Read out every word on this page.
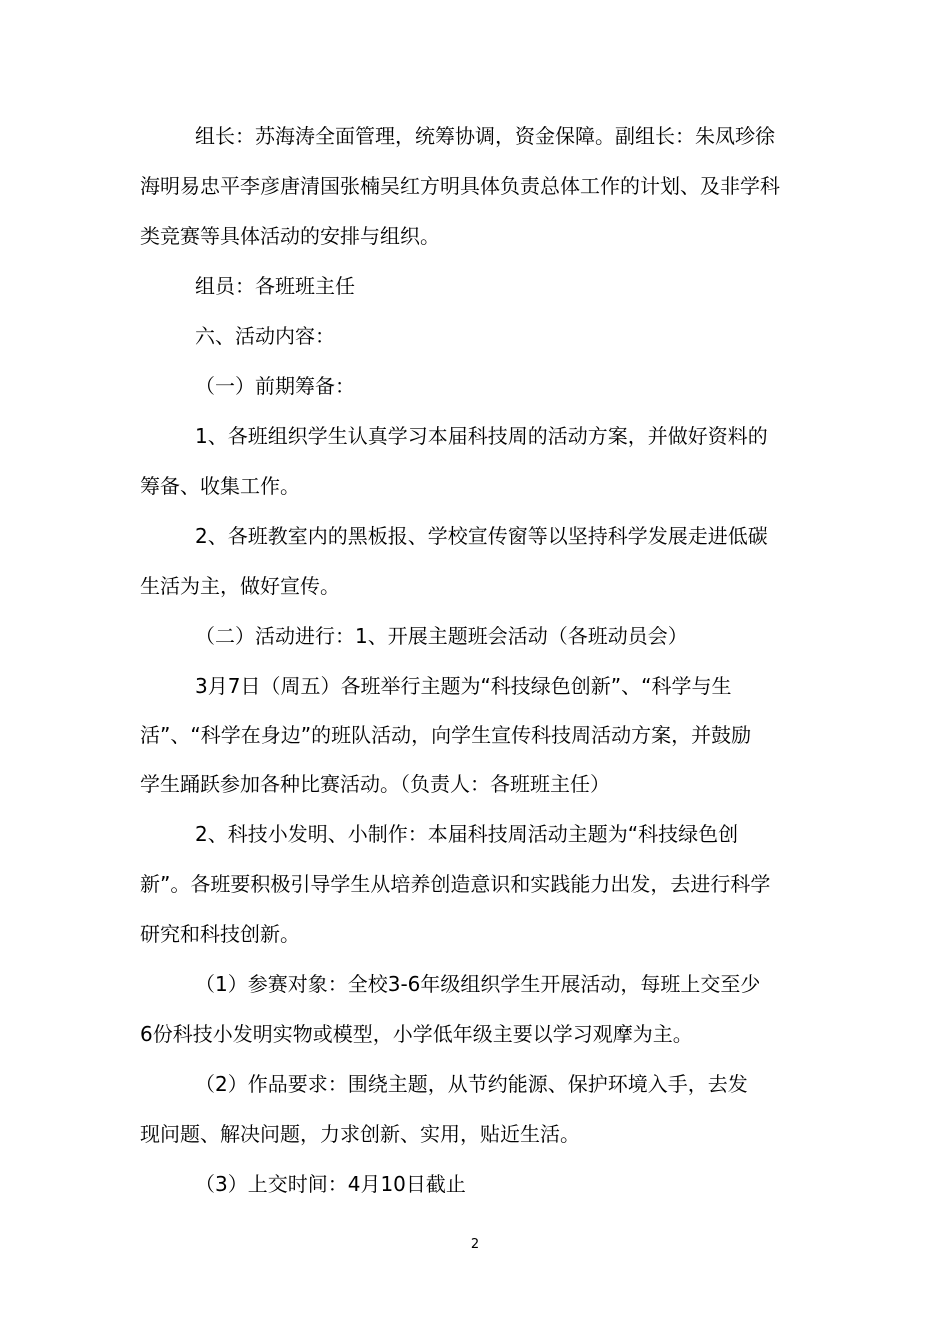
组长：苏海涛全面管理，统筹协调，资金保障。副组长：朱凤珍徐
海明易忠平李彦唐清国张楠吴红方明具体负责总体工作的计划、及非学科
类竞赛等具体活动的安排与组织。
组员：各班班主任
六、活动内容：
（一）前期筹备：
1、各班组织学生认真学习本届科技周的活动方案，并做好资料的
筹备、收集工作。
2、各班教室内的黑板报、学校宣传窗等以坚持科学发展走进低碳
生活为主，做好宣传。
（二）活动进行：1、开展主题班会活动（各班动员会）
3月7日（周五）各班举行主题为“科技绿色创新”、“科学与生
活”、“科学在身边”的班队活动，向学生宣传科技周活动方案，并鼓励
学生踊跃参加各种比赛活动。（负责人：各班班主任）
2、科技小发明、小制作：本届科技周活动主题为“科技绿色创
新”。各班要积极引导学生从培养创造意识和实践能力出发，去进行科学
研究和科技创新。
（1）参赛对象：全校3-6年级组织学生开展活动，每班上交至少
6份科技小发明实物或模型，小学低年级主要以学习观摩为主。
（2）作品要求：围绕主题，从节约能源、保护环境入手，去发
现问题、解决问题，力求创新、实用，贴近生活。
（3）上交时间：4月10日截止
2
